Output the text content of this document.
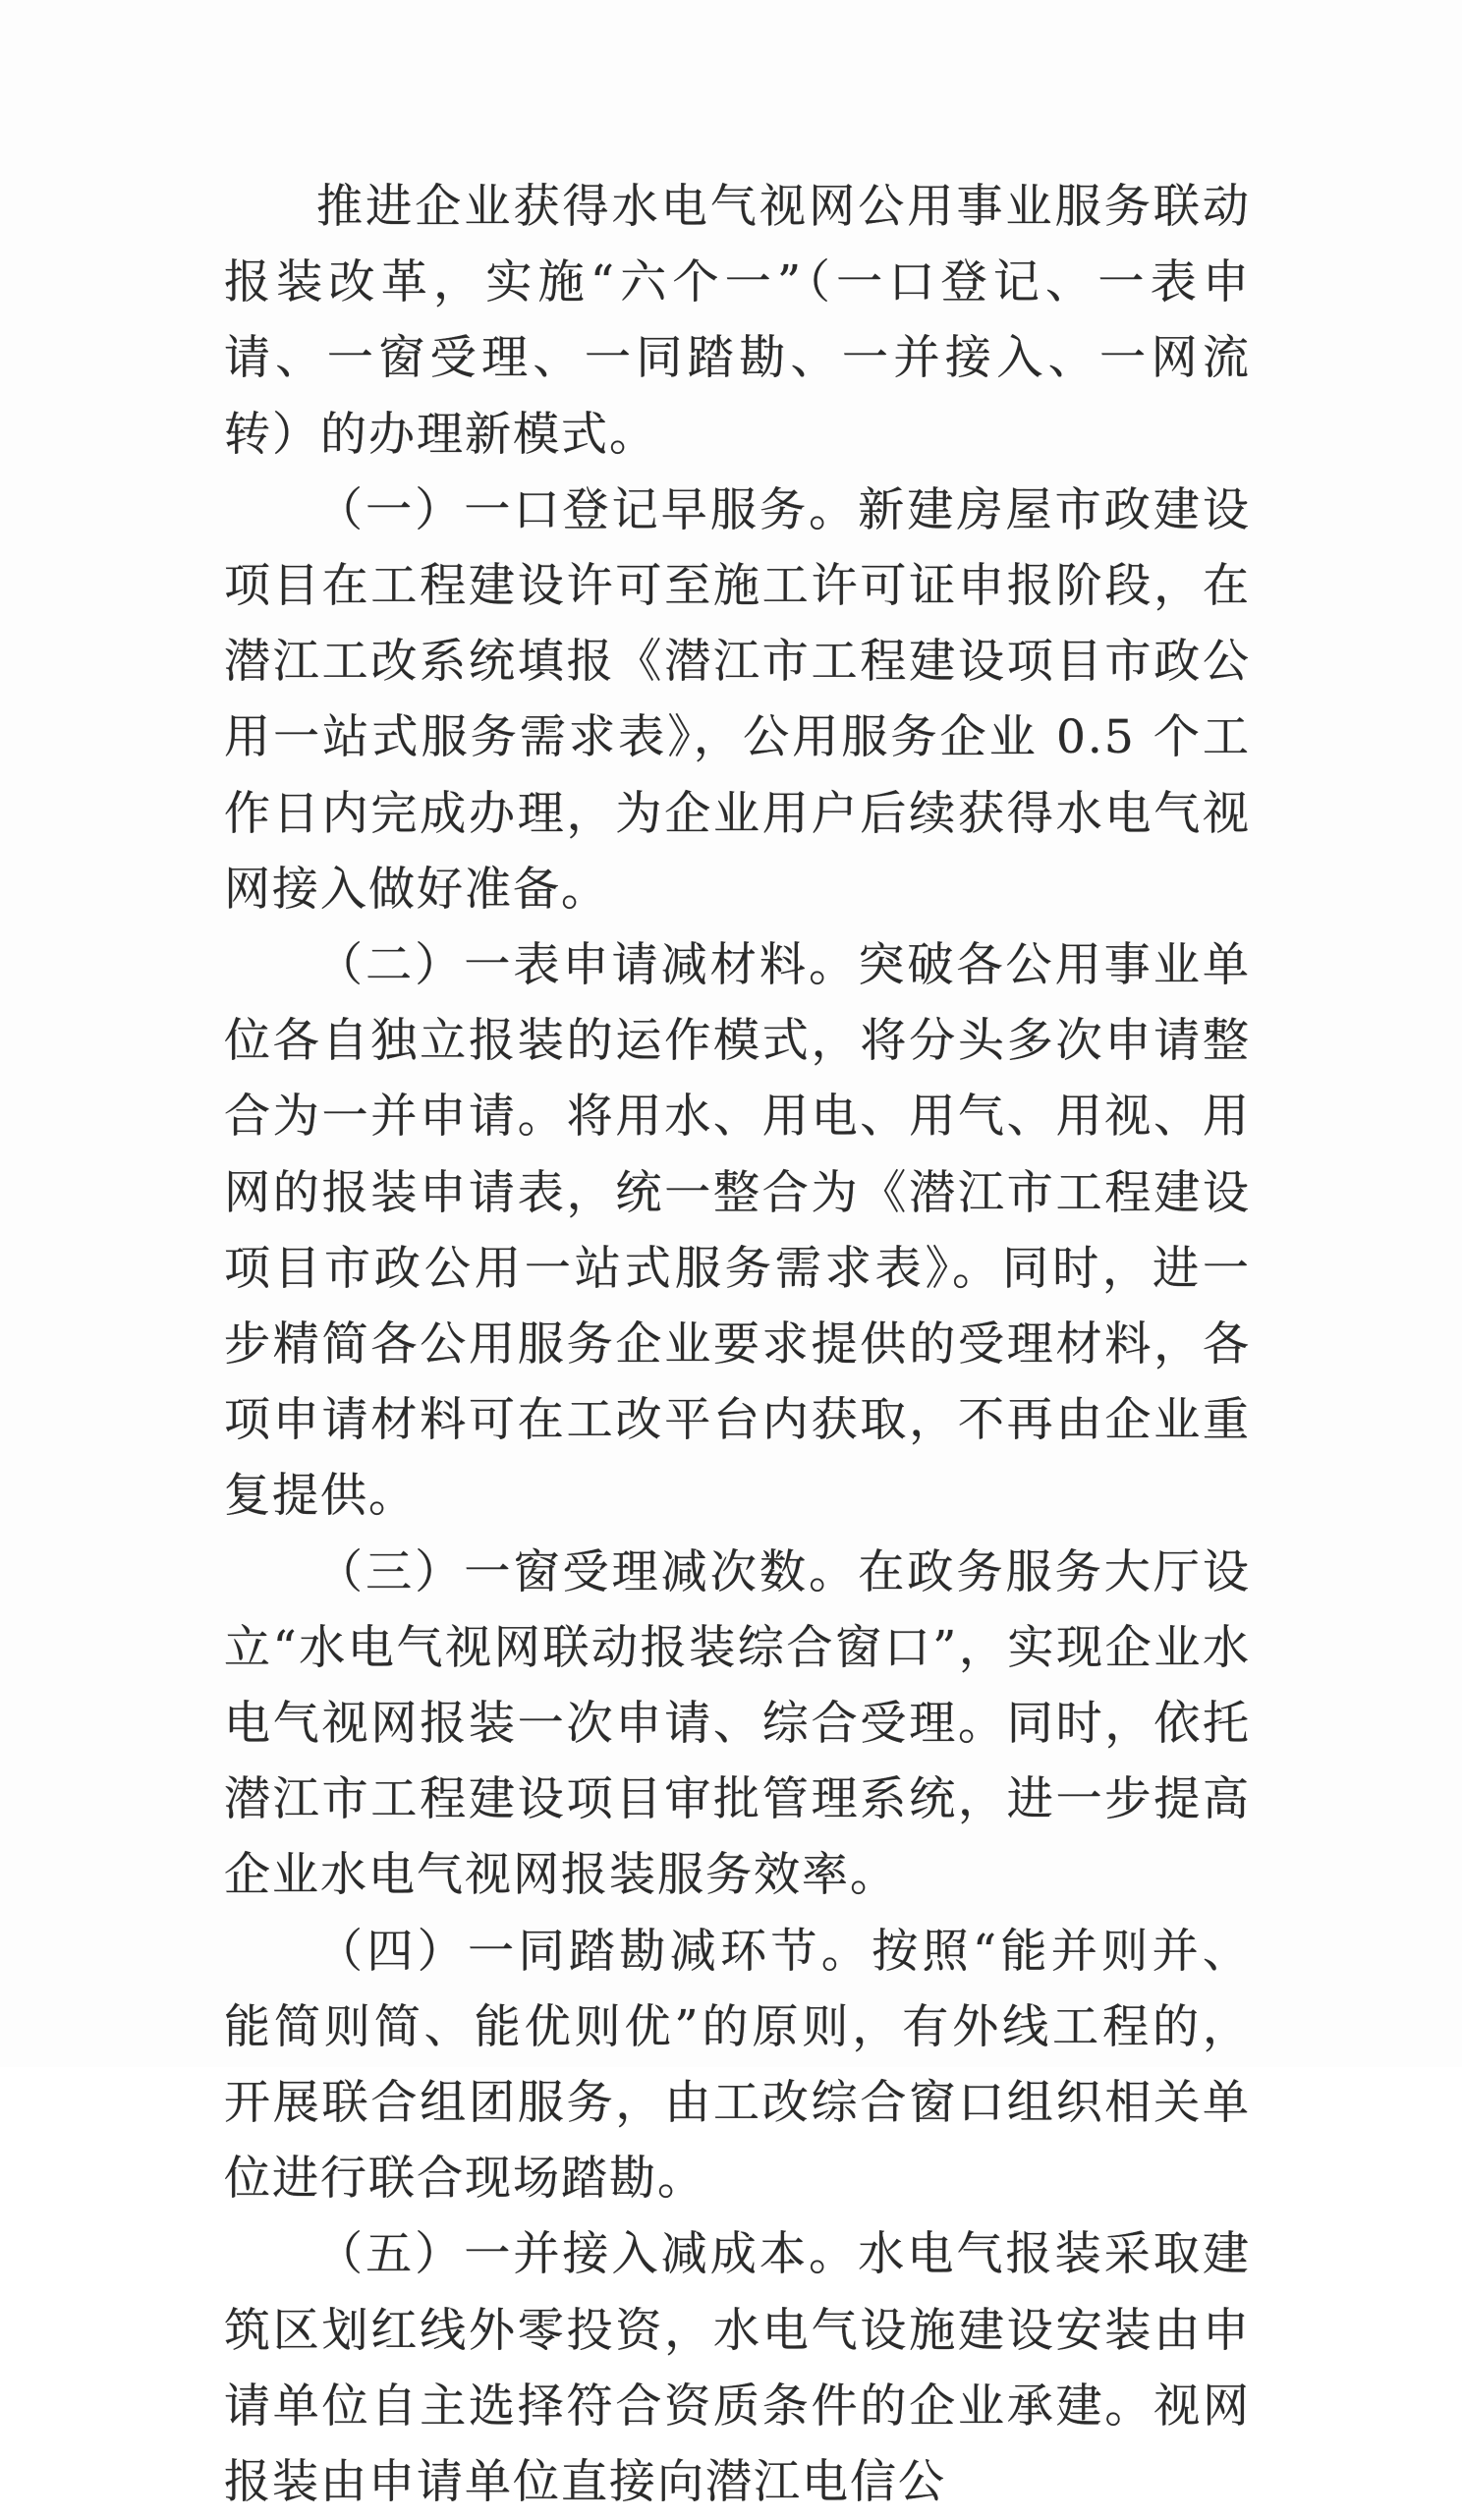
推进企业获得水电气视网公用事业服务联动报装改革，实施“六个一”（一口登记、一表申请、一窗受理、一同踏勘、一并接入、一网流转）的办理新模式。

（一）一口登记早服务。新建房屋市政建设项目在工程建设许可至施工许可证申报阶段，在潜江工改系统填报《潜江市工程建设项目市政公用一站式服务需求表》，公用服务企业 0.5 个工作日内完成办理，为企业用户后续获得水电气视网接入做好准备。

（二）一表申请减材料。突破各公用事业单位各自独立报装的运作模式，将分头多次申请整合为一并申请。将用水、用电、用气、用视、用网的报装申请表，统一整合为《潜江市工程建设项目市政公用一站式服务需求表》。同时，进一步精简各公用服务企业要求提供的受理材料，各项申请材料可在工改平台内获取，不再由企业重复提供。

（三）一窗受理减次数。在政务服务大厅设立“水电气视网联动报装综合窗口”，实现企业水电气视网报装一次申请、综合受理。同时，依托潜江市工程建设项目审批管理系统，进一步提高企业水电气视网报装服务效率。

（四）一同踏勘减环节。按照“能并则并、能简则简、能优则优”的原则，有外线工程的，开展联合组团服务，由工改综合窗口组织相关单位进行联合现场踏勘。

（五）一并接入减成本。水电气报装采取建筑区划红线外零投资，水电气设施建设安装由申请单位自主选择符合资质条件的企业承建。视网报装由申请单位直接向潜江电信公
